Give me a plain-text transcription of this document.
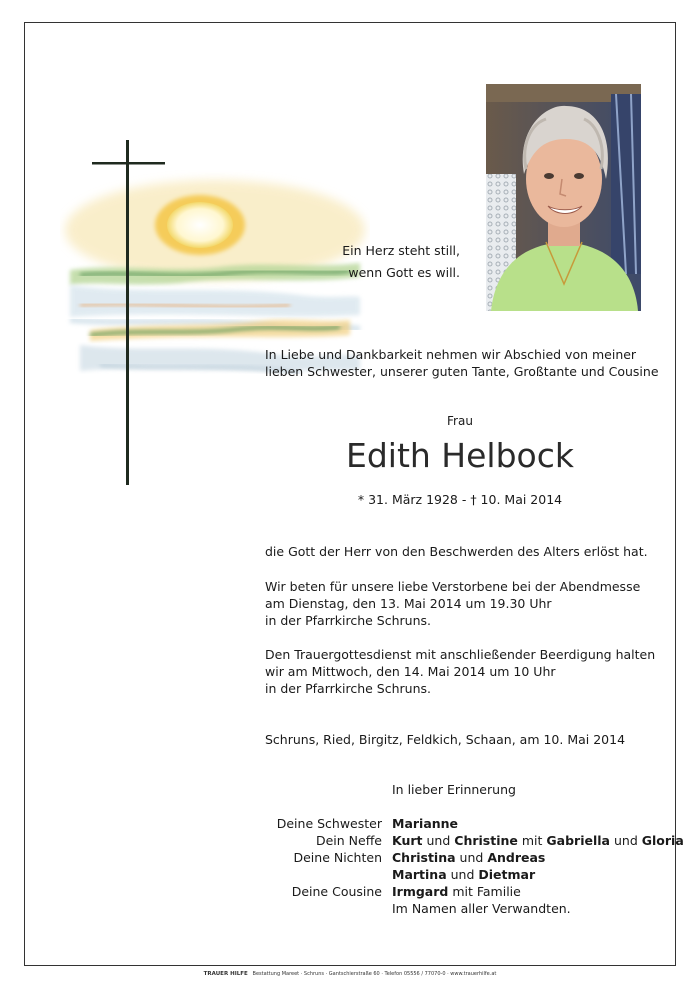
Ein Herz steht still,
wenn Gott es will.
In Liebe und Dankbarkeit nehmen wir Abschied von meiner
lieben Schwester, unserer guten Tante, Großtante und Cousine
Frau
Edith Helbock
* 31. März 1928 - † 10. Mai 2014
die Gott der Herr von den Beschwerden des Alters erlöst hat.
Wir beten für unsere liebe Verstorbene bei der Abendmesse
am Dienstag, den 13. Mai 2014 um 19.30 Uhr
in der Pfarrkirche Schruns.
Den Trauergottesdienst mit anschließender Beerdigung halten
wir am Mittwoch, den 14. Mai 2014 um 10 Uhr
in der Pfarrkirche Schruns.
Schruns, Ried, Birgitz, Feldkich, Schaan, am 10. Mai 2014
In lieber Erinnerung
Deine Schwester Marianne
Dein Neffe Kurt und Christine mit Gabriella und Gloria
Deine Nichten Christina und Andreas
Martina und Dietmar
Deine Cousine Irmgard mit Familie
Im Namen aller Verwandten.
TRAUER HILFE Bestattung Mareet · Schruns · Gantschierstraße 60 · Telefon 05556 / 77070-0 · www.trauerhilfe.at
